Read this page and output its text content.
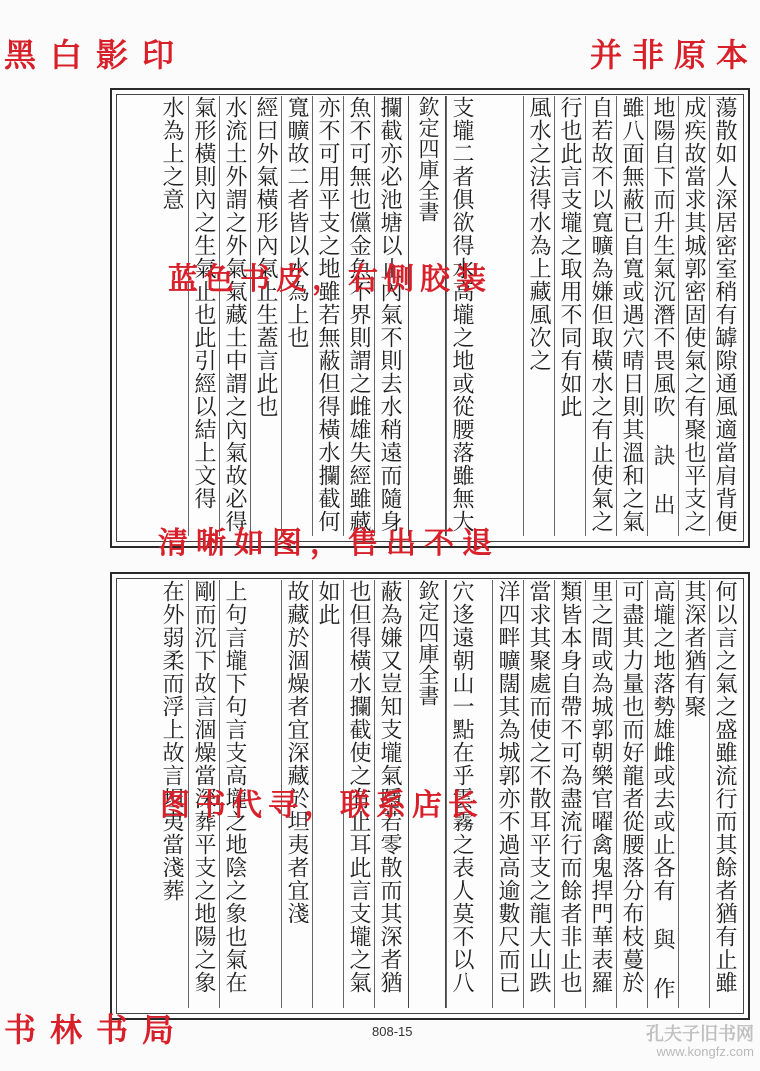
黑白影印	并非原本
蕩散如人深居密室稍有罅隙通風適當肩背便
成疾故當求其城郭密固使氣之有聚也平支之
地陽自下而升生氣沉潛不畏風吹 訣 出
雖八面無蔽已自寬或遇穴晴日則其溫和之氣
自若故不以寬曠為嫌但取橫水之有止使氣之
行也此言支壠之取用不同有如此
風水之法得水為上藏風次之
欽定四庫全書 支壠二者俱欲得水高壠之地或從腰落雖無大
攔截亦必池塘以止內氣不則去水稍遠而隨身
魚不可無也儻金魚不界則謂之雌雄失經雖藏
亦不可用平支之地雖若無蔽但得橫水攔截何
寬曠故二者皆以水為上也
經曰外氣橫形內氣止生蓋言此也
水流土外謂之外氣氣藏土中謂之內氣故必得
氣形橫則內之生氣止也此引經以結上文得
水為上之意
蓝色书皮，右侧胶装
清晰如图，售出不退
何以言之氣之盛雖流行而其餘者猶有止雖
其深者猶有聚
高壠之地落勢雄雌或去或止各有 與 作
可盡其力量也而好龍者從腰落分布枝蔓於
里之間或為城郭朝樂官曜禽鬼捍門華表羅
類皆本身自帶不可為盡流行而餘者非止也
當求其聚處而使之不散耳平支之龍大山跌
洋四畔曠闊其為城郭亦不過高逾數尺而已
欽定四庫全書 穴迻遠朝山一點在乎雲霧之表人莫不以八
蔽為嫌又豈知支壠氣隱若零散而其深者猶
也但得橫水攔截使之有止耳此言支壠之氣
如此
故藏於涸燥者宜深藏於坦夷者宜淺
上句言壠下句言支高壠之地陰之象也氣在
剛而沉下故言涸燥當深葬平支之地陽之象
在外弱柔而浮上故言坦夷當淺葬
图书代寻，联系店长
书林书局	808-15	孔夫子旧书网
www.kongfz.com
